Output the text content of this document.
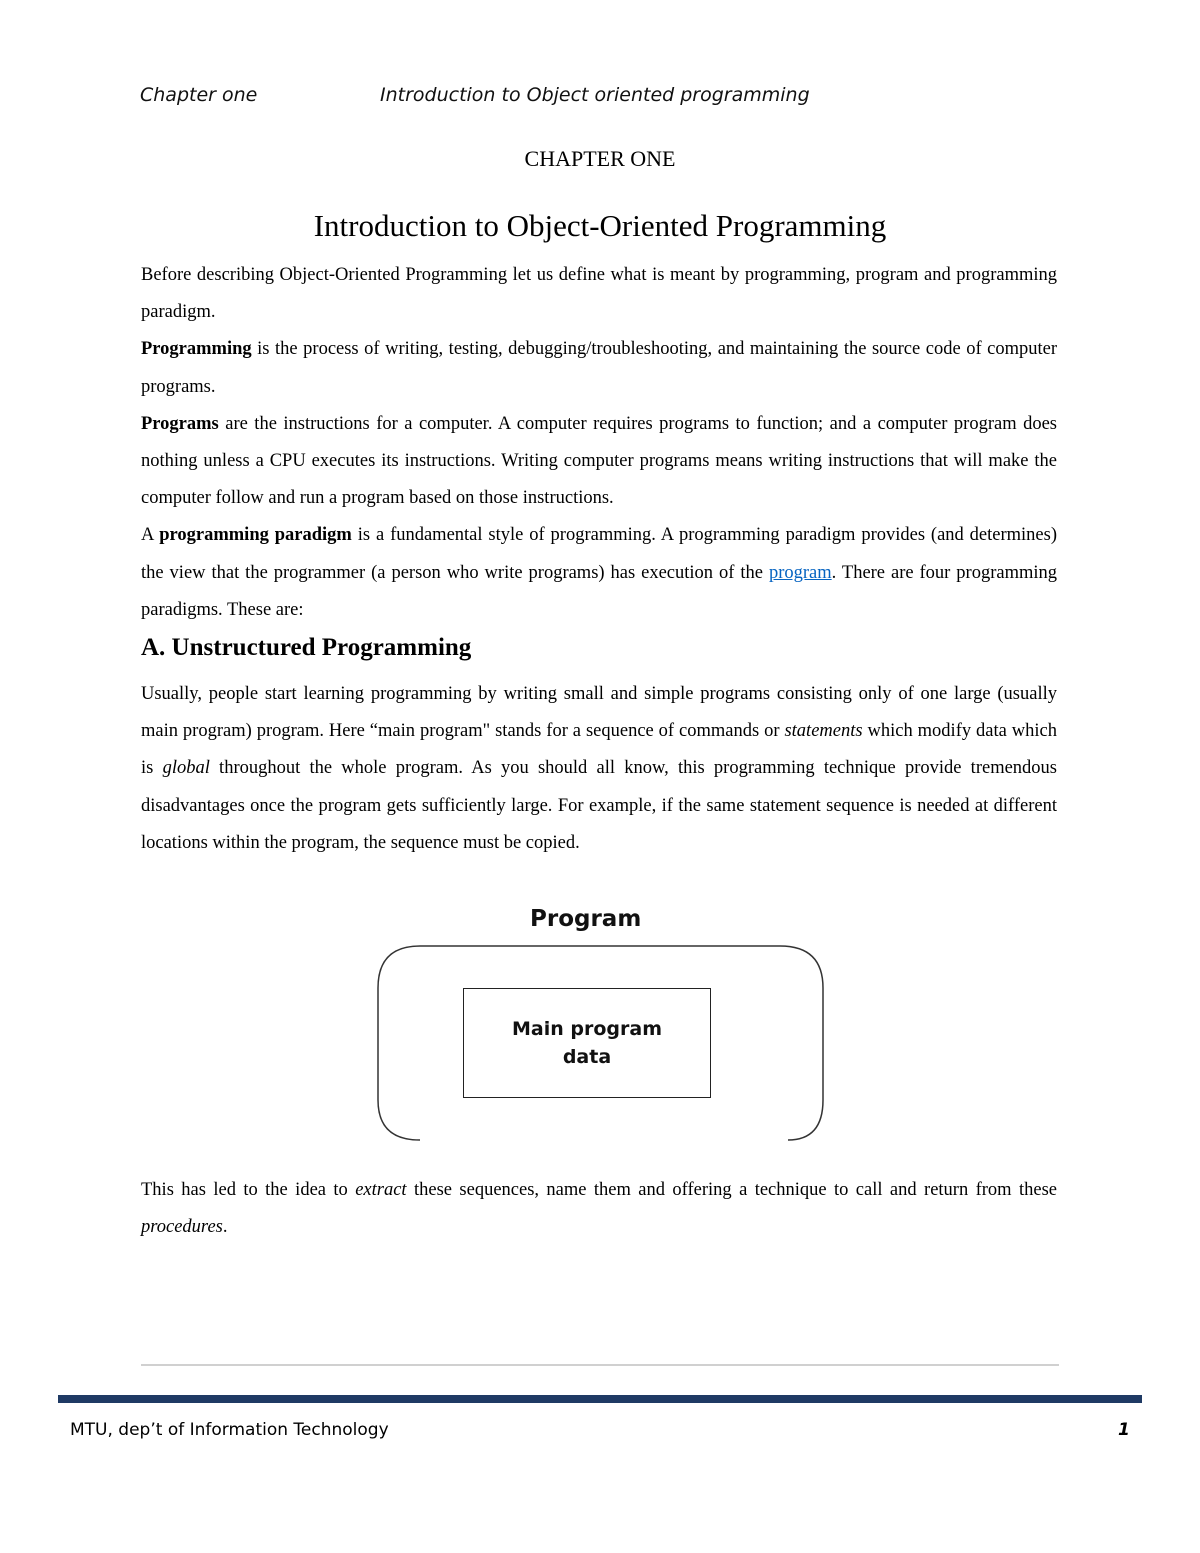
Chapter one	Introduction to Object oriented programming
CHAPTER ONE
Introduction to Object-Oriented Programming

Before describing Object-Oriented Programming let us define what is meant by programming, program and programming paradigm.

Programming is the process of writing, testing, debugging/troubleshooting, and maintaining the source code of computer programs.

Programs are the instructions for a computer. A computer requires programs to function; and a computer program does nothing unless a CPU executes its instructions. Writing computer programs means writing instructions that will make the computer follow and run a program based on those instructions.

A programming paradigm is a fundamental style of programming. A programming paradigm provides (and determines) the view that the programmer (a person who write programs) has execution of the program. There are four programming paradigms. These are:

A. Unstructured Programming

Usually, people start learning programming by writing small and simple programs consisting only of one large (usually main program) program. Here “main program" stands for a sequence of commands or statements which modify data which is global throughout the whole program. As you should all know, this programming technique provide tremendous disadvantages once the program gets sufficiently large. For example, if the same statement sequence is needed at different locations within the program, the sequence must be copied.

Program
Main program
data

This has led to the idea to extract these sequences, name them and offering a technique to call and return from these procedures.

MTU, dep’t of Information Technology	1
